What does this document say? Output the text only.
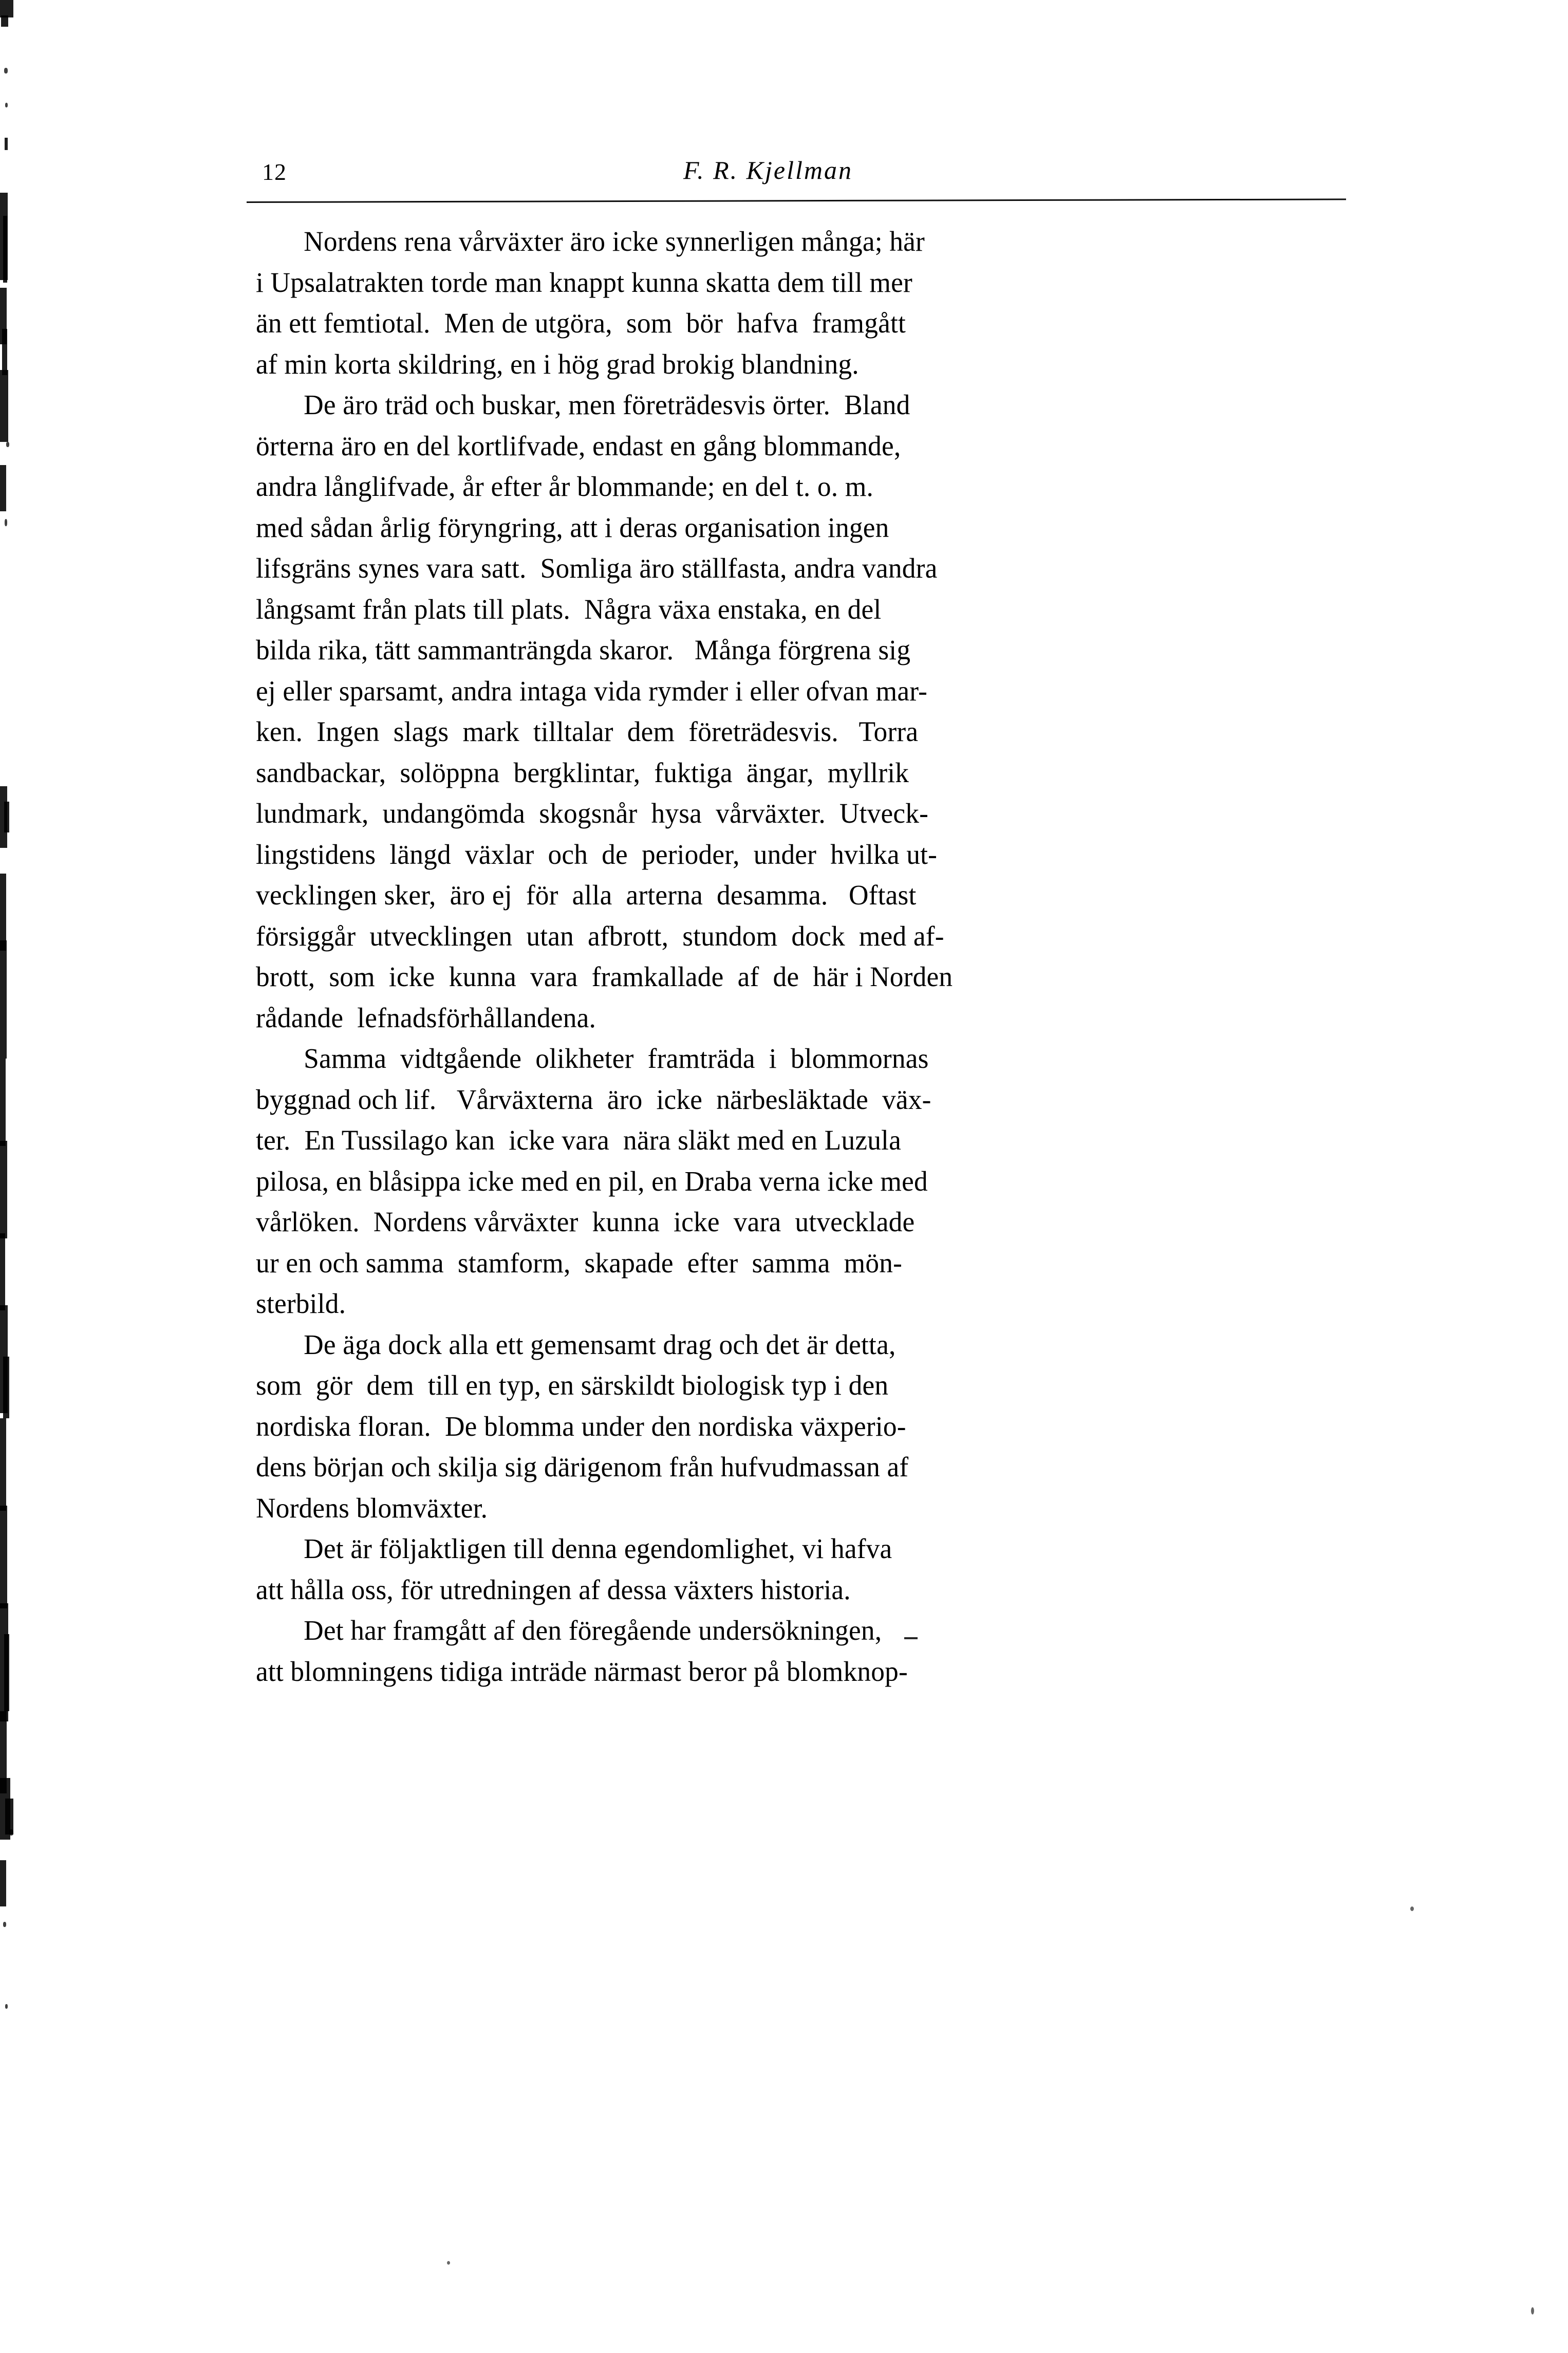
12	F. R. Kjellman
Nordens rena vårväxter äro icke synnerligen många; här
i Upsalatrakten torde man knappt kunna skatta dem till mer
än ett femtiotal.  Men de utgöra,  som  bör  hafva  framgått
af min korta skildring, en i hög grad brokig blandning.
De äro träd och buskar, men företrädesvis örter.  Bland
örterna äro en del kortlifvade, endast en gång blommande,
andra långlifvade, år efter år blommande; en del t. o. m.
med sådan årlig föryngring, att i deras organisation ingen
lifsgräns synes vara satt.  Somliga äro ställfasta, andra vandra
långsamt från plats till plats.  Några växa enstaka, en del
bilda rika, tätt sammanträngda skaror.   Många förgrena sig
ej eller sparsamt, andra intaga vida rymder i eller ofvan mar-
ken.  Ingen  slags  mark  tilltalar  dem  företrädesvis.   Torra
sandbackar,  solöppna  bergklintar,  fuktiga  ängar,  myllrik
lundmark,  undangömda  skogsnår  hysa  vårväxter.  Utveck-
lingstidens  längd  växlar  och  de  perioder,  under  hvilka ut-
vecklingen sker,  äro ej  för  alla  arterna  desamma.   Oftast
försiggår  utvecklingen  utan  afbrott,  stundom  dock  med af-
brott,  som  icke  kunna  vara  framkallade  af  de  här i Norden
rådande  lefnadsförhållandena.
Samma  vidtgående  olikheter  framträda  i  blommornas
byggnad och lif.   Vårväxterna  äro  icke  närbesläktade  väx-
ter.  En Tussilago kan  icke vara  nära släkt med en Luzula
pilosa, en blåsippa icke med en pil, en Draba verna icke med
vårlöken.  Nordens vårväxter  kunna  icke  vara  utvecklade
ur en och samma  stamform,  skapade  efter  samma  mön-
sterbild.
De äga dock alla ett gemensamt drag och det är detta,
som  gör  dem  till en typ, en särskildt biologisk typ i den
nordiska floran.  De blomma under den nordiska växperio-
dens början och skilja sig därigenom från hufvudmassan af
Nordens blomväxter.
Det är följaktligen till denna egendomlighet, vi hafva
att hålla oss, för utredningen af dessa växters historia.
Det har framgått af den föregående undersökningen,
att blomningens tidiga inträde närmast beror på blomknop-
